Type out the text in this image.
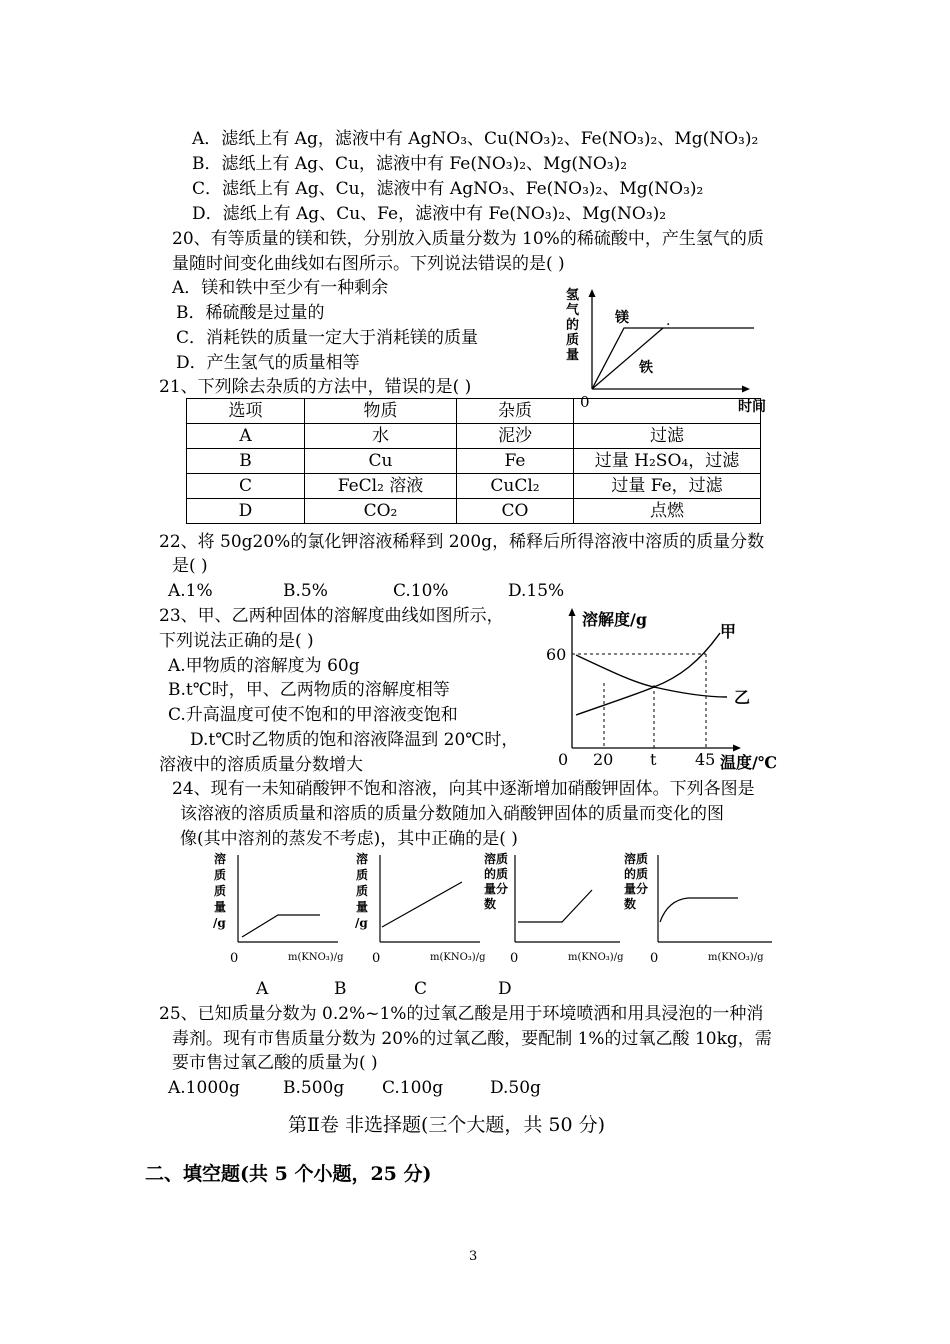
A．滤纸上有 Ag，滤液中有 AgNO₃、Cu(NO₃)₂、Fe(NO₃)₂、Mg(NO₃)₂
B．滤纸上有 Ag、Cu，滤液中有 Fe(NO₃)₂、Mg(NO₃)₂
C．滤纸上有 Ag、Cu，滤液中有 AgNO₃、Fe(NO₃)₂、Mg(NO₃)₂
D．滤纸上有 Ag、Cu、Fe，滤液中有 Fe(NO₃)₂、Mg(NO₃)₂
20、有等质量的镁和铁，分别放入质量分数为 10%的稀硫酸中，产生氢气的质
量随时间变化曲线如右图所示。下列说法错误的是( )
A．镁和铁中至少有一种剩余
B．稀硫酸是过量的
C．消耗铁的质量一定大于消耗镁的质量
D．产生氢气的质量相等
氢
气
的
质
量
镁
铁
.
0	时间
21、下列除去杂质的方法中，错误的是( )
选项	物质	杂质	除杂方法
A	水	泥沙	过滤
B	Cu	Fe	过量 H₂SO₄，过滤
C	FeCl₂ 溶液	CuCl₂	过量 Fe，过滤
D	CO₂	CO	点燃
22、将 50g20%的氯化钾溶液稀释到 200g，稀释后所得溶液中溶质的质量分数
是( )
A.1%	B.5%	C.10%	D.15%
23、甲、乙两种固体的溶解度曲线如图所示，
下列说法正确的是( )
A.甲物质的溶解度为 60g
B.t℃时，甲、乙两物质的溶解度相等
C.升高温度可使不饱和的甲溶液变饱和
D.t℃时乙物质的饱和溶液降温到 20℃时，
溶液中的溶质质量分数增大
溶解度/g
60
甲
乙
0 20 t 45 温度/℃
24、现有一未知硝酸钾不饱和溶液，向其中逐渐增加硝酸钾固体。下列各图是
该溶液的溶质质量和溶质的质量分数随加入硝酸钾固体的质量而变化的图
像(其中溶剂的蒸发不考虑)，其中正确的是( )
溶
质
质
量
/g
0	m(KNO₃)/g
溶
质
质
量
/g
0	m(KNO₃)/g
溶质
的质
量分
数
0	m(KNO₃)/g
溶质
的质
量分
数
0	m(KNO₃)/g
A	B	C	D
25、已知质量分数为 0.2%~1%的过氧乙酸是用于环境喷洒和用具浸泡的一种消
毒剂。现有市售质量分数为 20%的过氧乙酸，要配制 1%的过氧乙酸 10kg，需
要市售过氧乙酸的质量为( )
A.1000g	B.500g C.100g	D.50g
第Ⅱ卷 非选择题(三个大题，共 50 分)
二、填空题(共 5 个小题，25 分)
3
